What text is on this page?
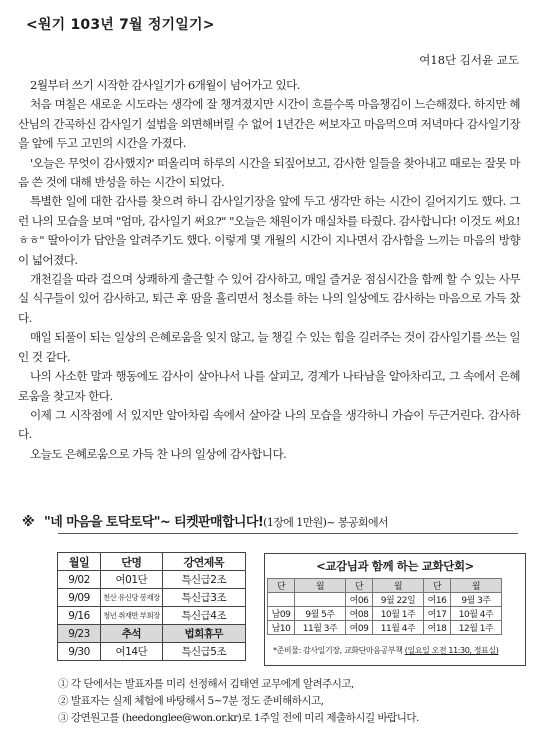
<원기 103년 7월 정기일기>
여18단 김서윤 교도

2월부터 쓰기 시작한 감사일기가 6개월이 넘어가고 있다.

처음 며칠은 새로운 시도라는 생각에 잘 챙겨졌지만 시간이 흐를수록 마음챙김이 느슨해졌다. 하지만 혜산님의 간곡하신 감사일기 설법을 외면해버릴 수 없어 1년간은 써보자고 마음먹으며 저녁마다 감사일기장을 앞에 두고 고민의 시간을 가졌다.

'오늘은 무엇이 감사했지?' 떠올리며 하루의 시간을 되짚어보고, 감사한 일들을 찾아내고 때로는 잘못 마음 쓴 것에 대해 반성을 하는 시간이 되었다.

특별한 일에 대한 감사를 찾으려 하니 감사일기장을 앞에 두고 생각만 하는 시간이 길어지기도 했다. 그런 나의 모습을 보며 "엄마, 감사일기 써요?" "오늘은 채원이가 매실차를 타줬다. 감사합니다! 이것도 써요! ㅎㅎ" 딸아이가 답안을 알려주기도 했다. 이렇게 몇 개월의 시간이 지나면서 감사함을 느끼는 마음의 방향이 넓어졌다.

개천길을 따라 걸으며 상쾌하게 출근할 수 있어 감사하고, 매일 즐거운 점심시간을 함께 할 수 있는 사무실 식구들이 있어 감사하고, 퇴근 후 땀을 흘리면서 청소를 하는 나의 일상에도 감사하는 마음으로 가득 찼다.

매일 되풀이 되는 일상의 은혜로움을 잊지 않고, 늘 챙길 수 있는 힘을 길러주는 것이 감사일기를 쓰는 일인 것 같다.

나의 사소한 말과 행동에도 감사이 살아나서 나를 살피고, 경계가 나타남을 알아차리고, 그 속에서 은혜로움을 찾고자 한다.

이제 그 시작점에 서 있지만 알아차림 속에서 살아갈 나의 모습을 생각하니 가슴이 두근거린다. 감사하다.

오늘도 은혜로움으로 가득 찬 나의 일상에 감사합니다.

※ "네 마음을 토닥토닥"~ 티켓판매합니다!(1장에 1만원)~ 봉공회에서
월일	단명	강연제목
9/02	여01단	특신급2조
9/09	천산 유신당 봉재장	특신급3조
9/16	청년 취재반 부회장	특신급4조
9/23	추석	법회휴무
9/30	여14단	특신급5조
<교감님과 함께 하는 교화단회>
단	월	단	월	단	월
		여06	9월 22일	여16	9월 3주
남09	9월 5주	여08	10월 1주	여17	10월 4주
남10	11월 3주	여09	11월 4주	여18	12월 1주
*준비물: 감사일기장, 교화단마음공부책 (일요일 오전 11:30, 정표실)
① 각 단에서는 발표자를 미리 선정해서 김태연 교무에게 알려주시고,
② 발표자는 실제 체험에 바탕해서 5~7분 정도 준비해하시고,
③ 강연원고를 (heedonglee@won.or.kr)로 1주일 전에 미리 제출하시길 바랍니다.
